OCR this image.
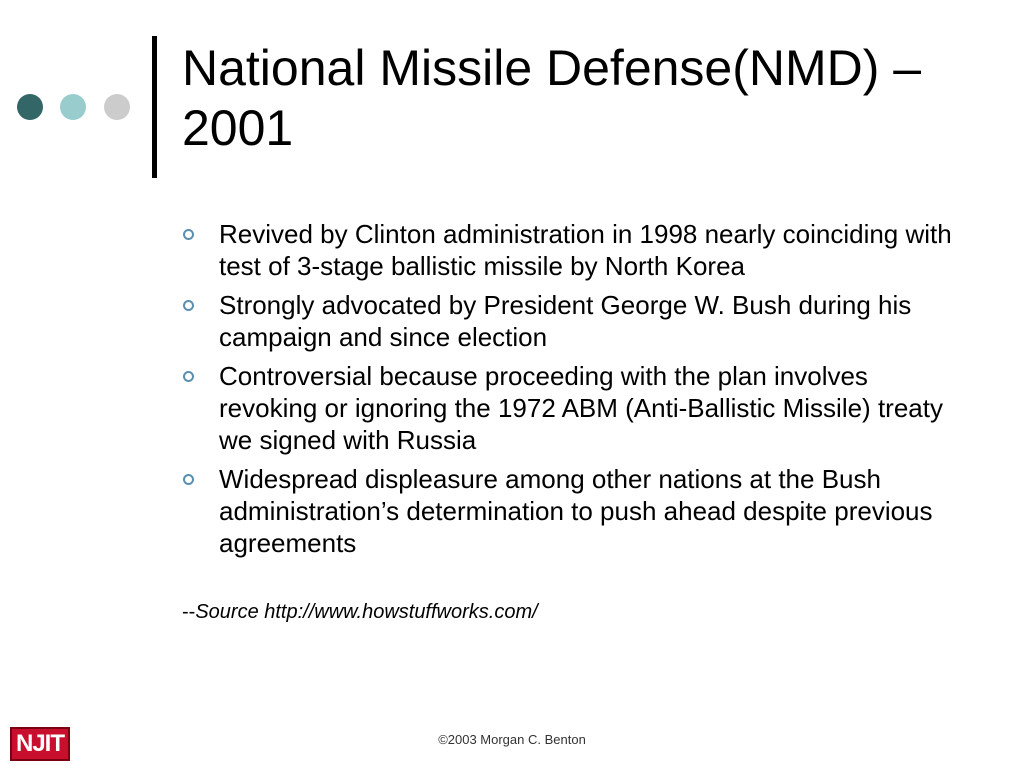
National Missile Defense(NMD) – 2001
Revived by Clinton administration in 1998 nearly coinciding with test of 3-stage ballistic missile by North Korea
Strongly advocated by President George W. Bush during his campaign and since election
Controversial because proceeding with the plan involves revoking or ignoring the 1972 ABM (Anti-Ballistic Missile) treaty we signed with Russia
Widespread displeasure among other nations at the Bush administration’s determination to push ahead despite previous agreements
--Source http://www.howstuffworks.com/
NJIT	©2003 Morgan C. Benton
